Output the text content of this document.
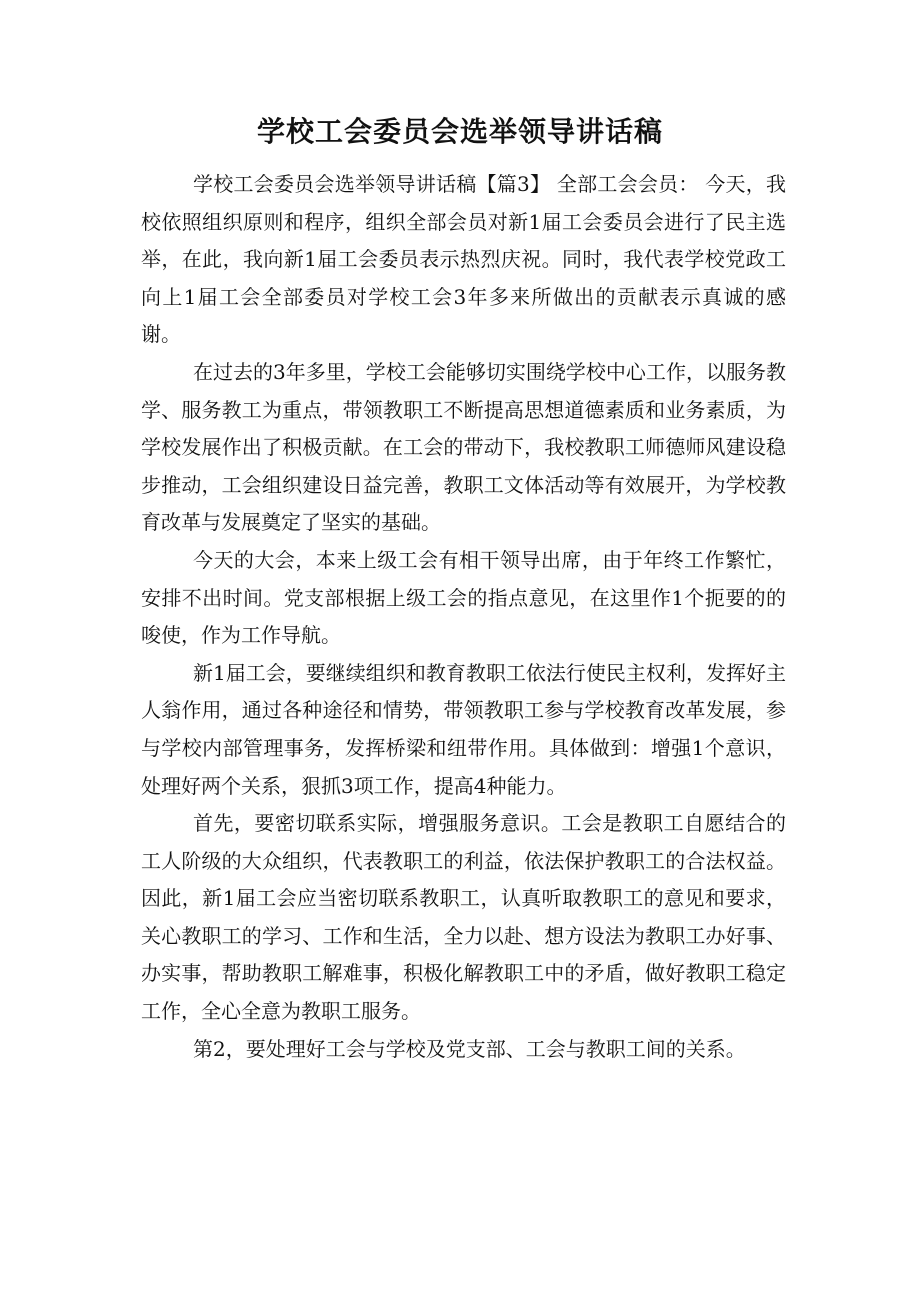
学校工会委员会选举领导讲话稿

学校工会委员会选举领导讲话稿【篇3】 全部工会会员： 今天，我校依照组织原则和程序，组织全部会员对新1届工会委员会进行了民主选举，在此，我向新1届工会委员表示热烈庆祝。同时，我代表学校党政工向上1届工会全部委员对学校工会3年多来所做出的贡献表示真诚的感谢。

在过去的3年多里，学校工会能够切实围绕学校中心工作，以服务教学、服务教工为重点，带领教职工不断提高思想道德素质和业务素质，为学校发展作出了积极贡献。在工会的带动下，我校教职工师德师风建设稳步推动，工会组织建设日益完善，教职工文体活动等有效展开，为学校教育改革与发展奠定了坚实的基础。

今天的大会，本来上级工会有相干领导出席，由于年终工作繁忙，安排不出时间。党支部根据上级工会的指点意见，在这里作1个扼要的的唆使，作为工作导航。

新1届工会，要继续组织和教育教职工依法行使民主权利，发挥好主人翁作用，通过各种途径和情势，带领教职工参与学校教育改革发展，参与学校内部管理事务，发挥桥梁和纽带作用。具体做到：增强1个意识，处理好两个关系，狠抓3项工作，提高4种能力。

首先，要密切联系实际，增强服务意识。工会是教职工自愿结合的工人阶级的大众组织，代表教职工的利益，依法保护教职工的合法权益。因此，新1届工会应当密切联系教职工，认真听取教职工的意见和要求，关心教职工的学习、工作和生活，全力以赴、想方设法为教职工办好事、办实事，帮助教职工解难事，积极化解教职工中的矛盾，做好教职工稳定工作，全心全意为教职工服务。

第2，要处理好工会与学校及党支部、工会与教职工间的关系。
